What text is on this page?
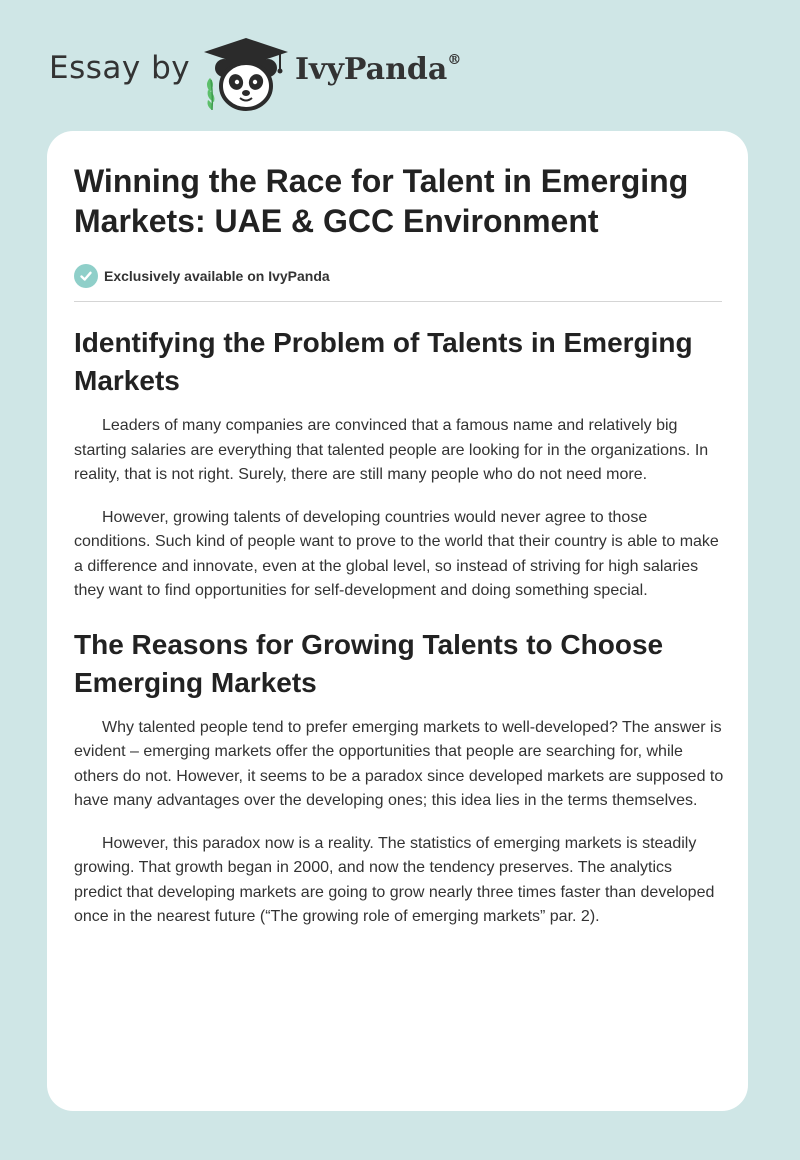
Essay by	IvyPanda®
Winning the Race for Talent in Emerging Markets: UAE & GCC Environment
Exclusively available on IvyPanda
Identifying the Problem of Talents in Emerging Markets

Leaders of many companies are convinced that a famous name and relatively big starting salaries are everything that talented people are looking for in the organizations. In reality, that is not right. Surely, there are still many people who do not need more.

However, growing talents of developing countries would never agree to those conditions. Such kind of people want to prove to the world that their country is able to make a difference and innovate, even at the global level, so instead of striving for high salaries they want to find opportunities for self-development and doing something special.

The Reasons for Growing Talents to Choose Emerging Markets

Why talented people tend to prefer emerging markets to well-developed? The answer is evident – emerging markets offer the opportunities that people are searching for, while others do not. However, it seems to be a paradox since developed markets are supposed to have many advantages over the developing ones; this idea lies in the terms themselves.

However, this paradox now is a reality. The statistics of emerging markets is steadily growing. That growth began in 2000, and now the tendency preserves. The analytics predict that developing markets are going to grow nearly three times faster than developed once in the nearest future (“The growing role of emerging markets” par. 2).
